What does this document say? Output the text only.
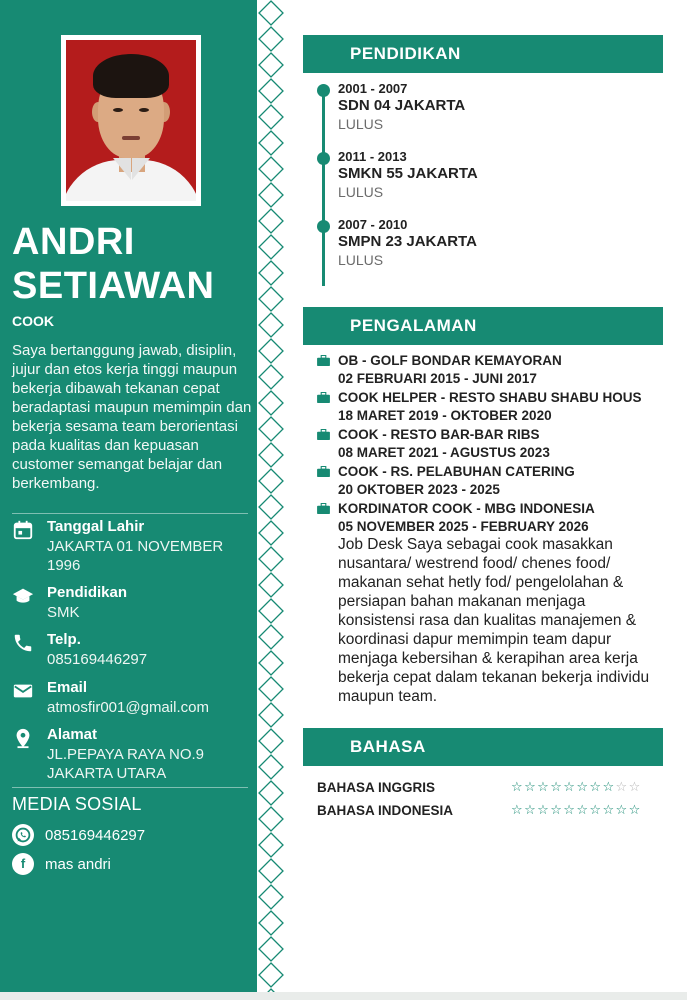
ANDRI
SETIAWAN
COOK
Saya bertanggung jawab, disiplin, jujur dan etos kerja tinggi maupun bekerja dibawah tekanan cepat beradaptasi maupun memimpin dan bekerja sesama team berorientasi pada kualitas dan kepuasan customer semangat belajar dan berkembang.
Tanggal Lahir
JAKARTA 01 NOVEMBER 1996
Pendidikan
SMK
Telp.
085169446297
Email
atmosfir001@gmail.com
Alamat
JL.PEPAYA RAYA NO.9 JAKARTA UTARA
MEDIA SOSIAL
085169446297
f	mas andri
PENDIDIKAN
2001 - 2007
SDN 04 JAKARTA
LULUS
2011 - 2013
SMKN 55 JAKARTA
LULUS
2007 - 2010
SMPN 23 JAKARTA
LULUS
PENGALAMAN
OB - GOLF BONDAR KEMAYORAN
02 FEBRUARI 2015 - JUNI 2017
COOK HELPER - RESTO SHABU SHABU HOUS
18 MARET 2019 - OKTOBER 2020
COOK - RESTO BAR-BAR RIBS
08 MARET 2021 - AGUSTUS 2023
COOK - RS. PELABUHAN CATERING
20 OKTOBER 2023 - 2025
KORDINATOR COOK - MBG INDONESIA
05 NOVEMBER 2025 - FEBRUARY 2026
Job Desk Saya sebagai cook masakkan nusantara/ westrend food/ chenes food/ makanan sehat hetly fod/ pengelolahan & persiapan bahan makanan menjaga konsistensi rasa dan kualitas manajemen & koordinasi dapur memimpin team dapur menjaga kebersihan & kerapihan area kerja bekerja cepat dalam tekanan bekerja individu maupun team.
BAHASA
BAHASA INGGRIS	☆☆☆☆☆☆☆☆☆☆
BAHASA INDONESIA	☆☆☆☆☆☆☆☆☆☆
